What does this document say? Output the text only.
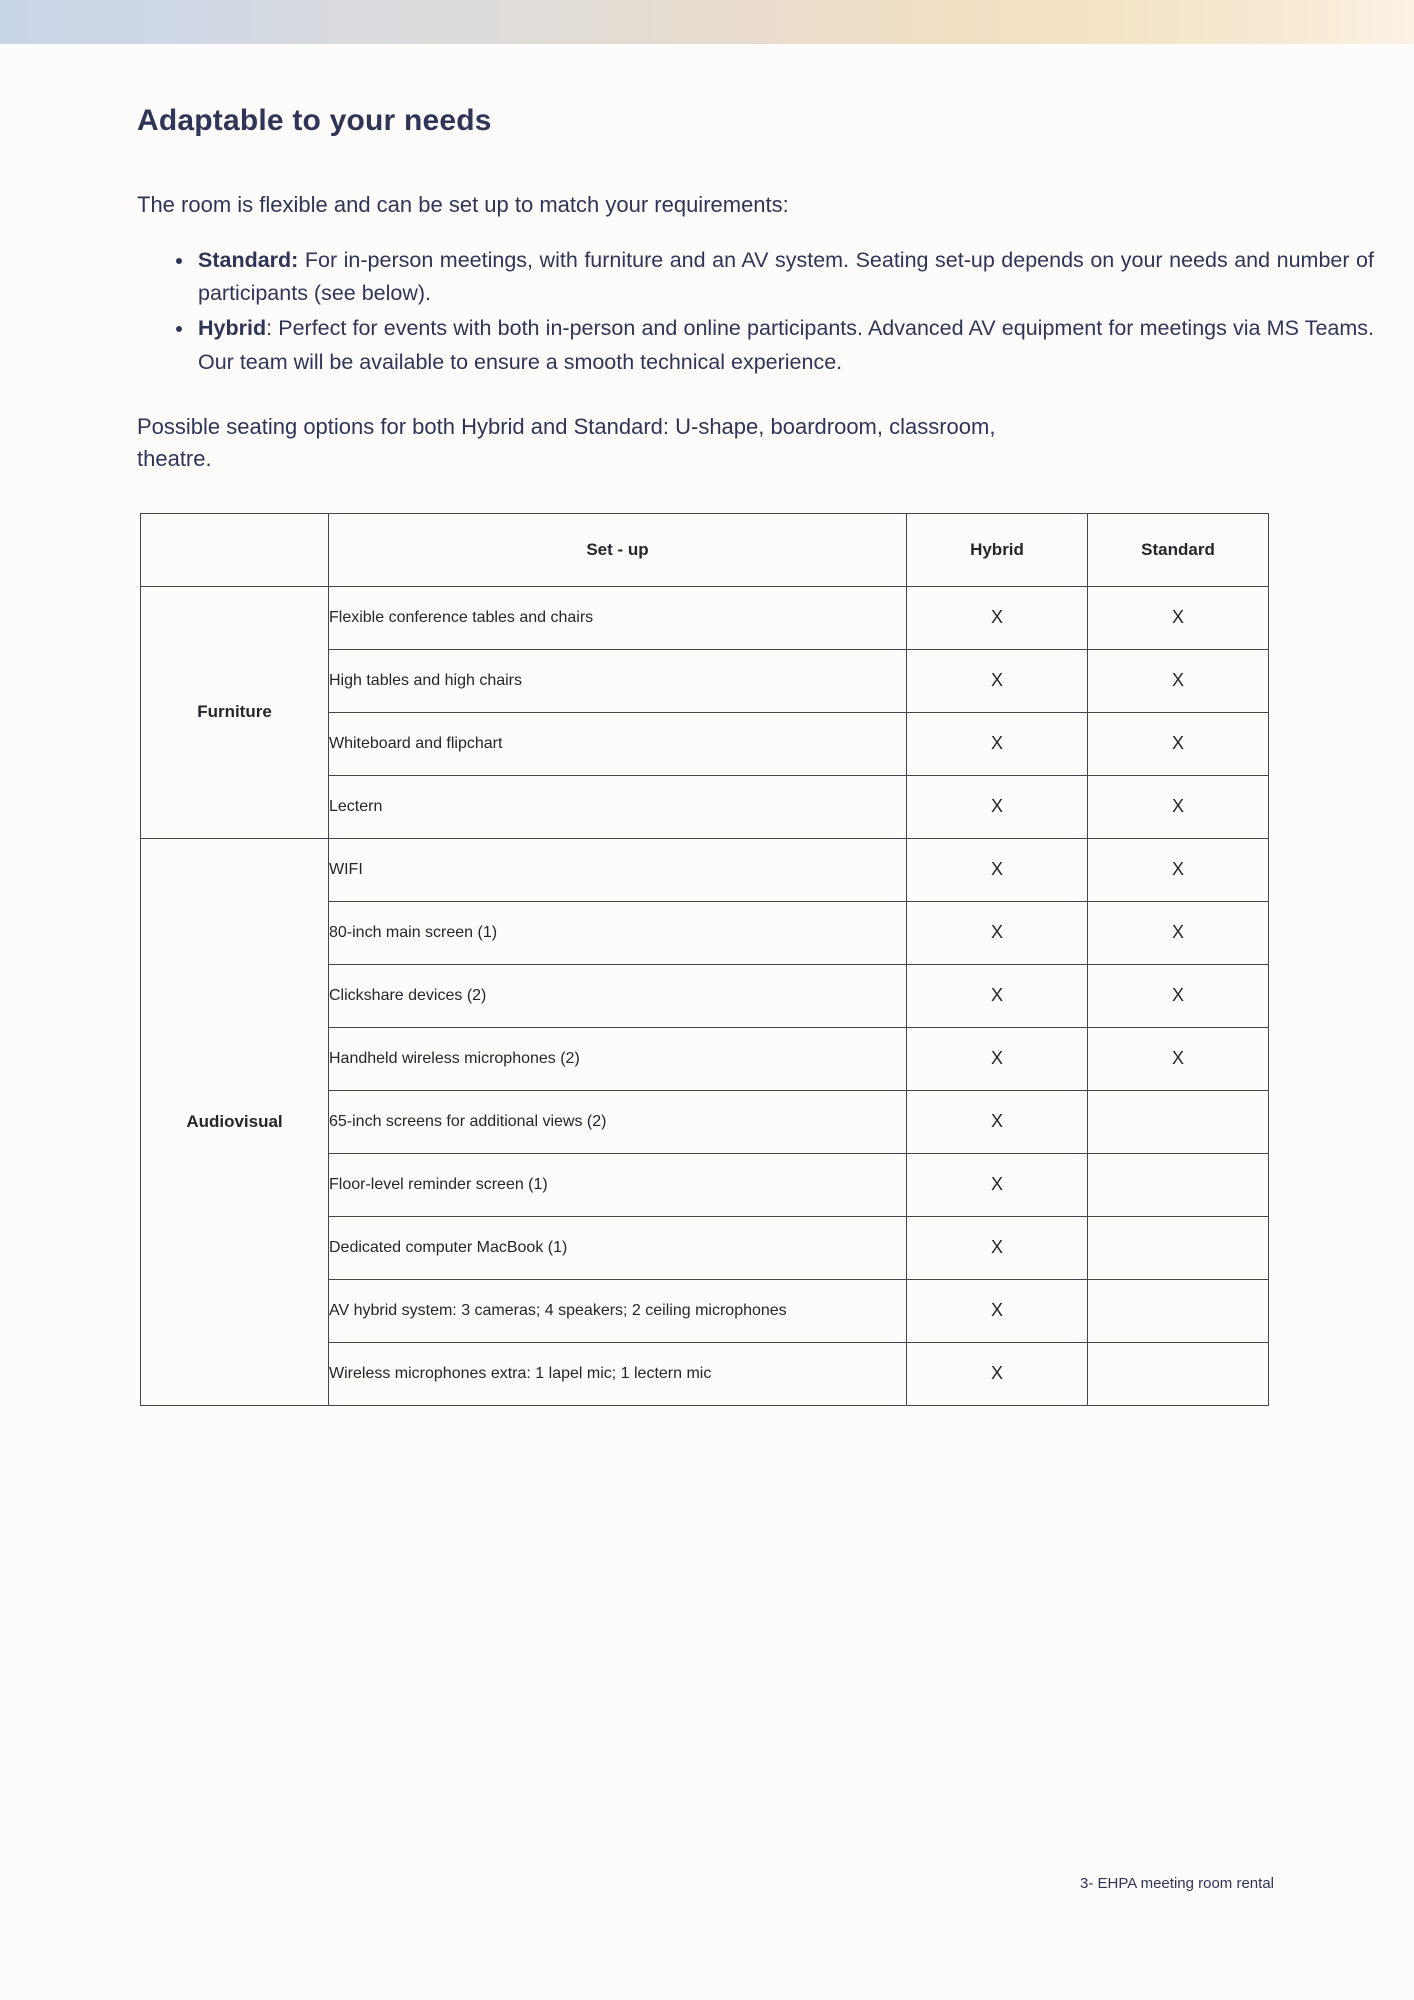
Adaptable to your needs

The room is flexible and can be set up to match your requirements:

Standard: For in-person meetings, with furniture and an AV system. Seating set-up depends on your needs and number of participants (see below).
Hybrid: Perfect for events with both in-person and online participants. Advanced AV equipment for meetings via MS Teams. Our team will be available to ensure a smooth technical experience.

Possible seating options for both Hybrid and Standard: U-shape, boardroom, classroom, theatre.

	Set - up	Hybrid	Standard
Furniture	Flexible conference tables and chairs	X	X
	High tables and high chairs	X	X
	Whiteboard and flipchart	X	X
	Lectern	X	X
Audiovisual	WIFI	X	X
	80-inch main screen (1)	X	X
	Clickshare devices (2)	X	X
	Handheld wireless microphones (2)	X	X
	65-inch screens for additional views (2)	X	
	Floor-level reminder screen (1)	X	
	Dedicated computer MacBook (1)	X	
	AV hybrid system: 3 cameras; 4 speakers; 2 ceiling microphones	X	
	Wireless microphones extra: 1 lapel mic; 1 lectern mic	X	
3- EHPA meeting room rental
